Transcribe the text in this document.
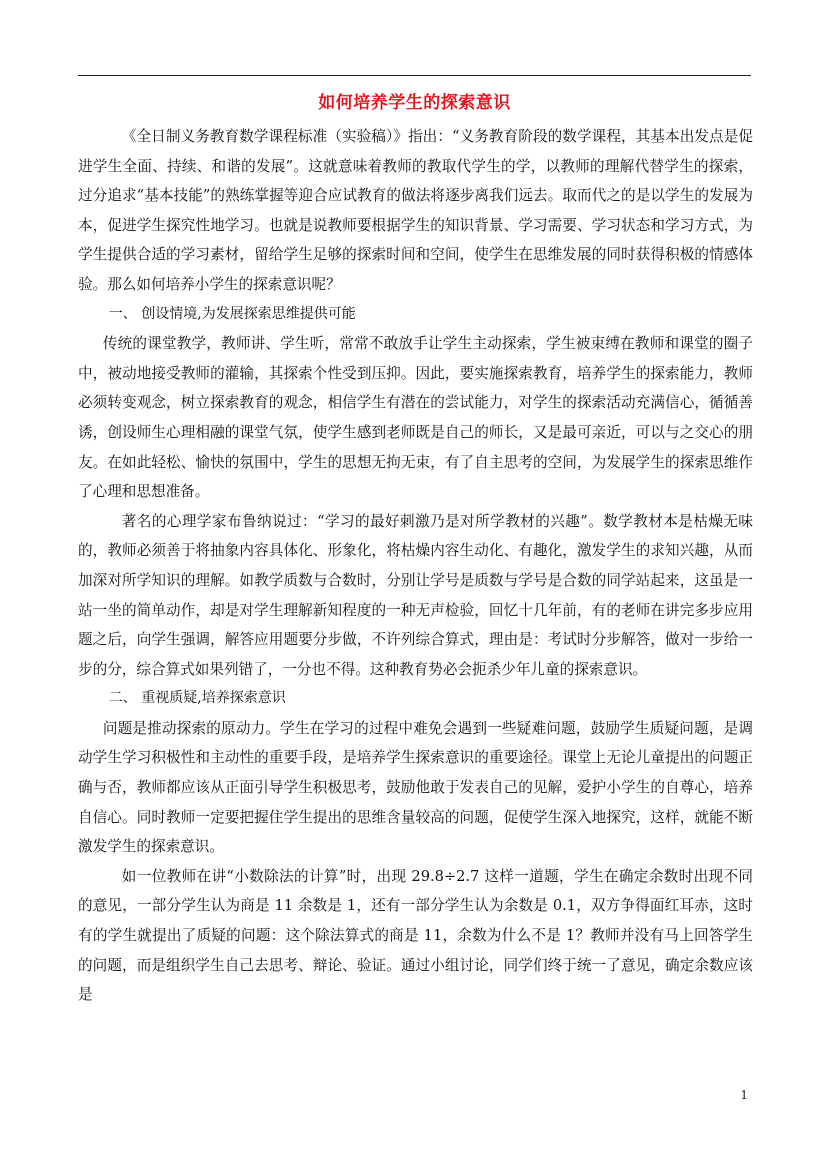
如何培养学生的探索意识

《全日制义务教育数学课程标准（实验稿）》指出：“义务教育阶段的数学课程，其基本出发点是促进学生全面、持续、和谐的发展”。这就意味着教师的教取代学生的学，以教师的理解代替学生的探索，过分追求“基本技能”的熟练掌握等迎合应试教育的做法将逐步离我们远去。取而代之的是以学生的发展为本，促进学生探究性地学习。也就是说教师要根据学生的知识背景、学习需要、学习状态和学习方式，为学生提供合适的学习素材，留给学生足够的探索时间和空间，使学生在思维发展的同时获得积极的情感体验。那么如何培养小学生的探索意识呢？

一、 创设情境,为发展探索思维提供可能

传统的课堂教学，教师讲、学生听，常常不敢放手让学生主动探索，学生被束缚在教师和课堂的圈子中，被动地接受教师的灌输，其探索个性受到压抑。因此，要实施探索教育，培养学生的探索能力，教师必须转变观念，树立探索教育的观念，相信学生有潜在的尝试能力，对学生的探索活动充满信心，循循善诱，创设师生心理相融的课堂气氛，使学生感到老师既是自己的师长，又是最可亲近，可以与之交心的朋友。在如此轻松、愉快的氛围中，学生的思想无拘无束，有了自主思考的空间，为发展学生的探索思维作了心理和思想准备。

著名的心理学家布鲁纳说过：“学习的最好刺激乃是对所学教材的兴趣”。数学教材本是枯燥无味的，教师必须善于将抽象内容具体化、形象化，将枯燥内容生动化、有趣化，激发学生的求知兴趣，从而加深对所学知识的理解。如教学质数与合数时，分别让学号是质数与学号是合数的同学站起来，这虽是一站一坐的简单动作，却是对学生理解新知程度的一种无声检验，回忆十几年前，有的老师在讲完多步应用题之后，向学生强调，解答应用题要分步做，不许列综合算式，理由是：考试时分步解答，做对一步给一步的分，综合算式如果列错了，一分也不得。这种教育势必会扼杀少年儿童的探索意识。

二、 重视质疑,培养探索意识

问题是推动探索的原动力。学生在学习的过程中难免会遇到一些疑难问题，鼓励学生质疑问题，是调动学生学习积极性和主动性的重要手段，是培养学生探索意识的重要途径。课堂上无论儿童提出的问题正确与否，教师都应该从正面引导学生积极思考，鼓励他敢于发表自己的见解，爱护小学生的自尊心，培养自信心。同时教师一定要把握住学生提出的思维含量较高的问题，促使学生深入地探究，这样，就能不断激发学生的探索意识。

如一位教师在讲“小数除法的计算”时，出现 29.8÷2.7 这样一道题，学生在确定余数时出现不同的意见，一部分学生认为商是 11 余数是 1，还有一部分学生认为余数是 0.1，双方争得面红耳赤，这时有的学生就提出了质疑的问题：这个除法算式的商是 11，余数为什么不是 1？教师并没有马上回答学生的问题，而是组织学生自己去思考、辩论、验证。通过小组讨论，同学们终于统一了意见，确定余数应该是

1
